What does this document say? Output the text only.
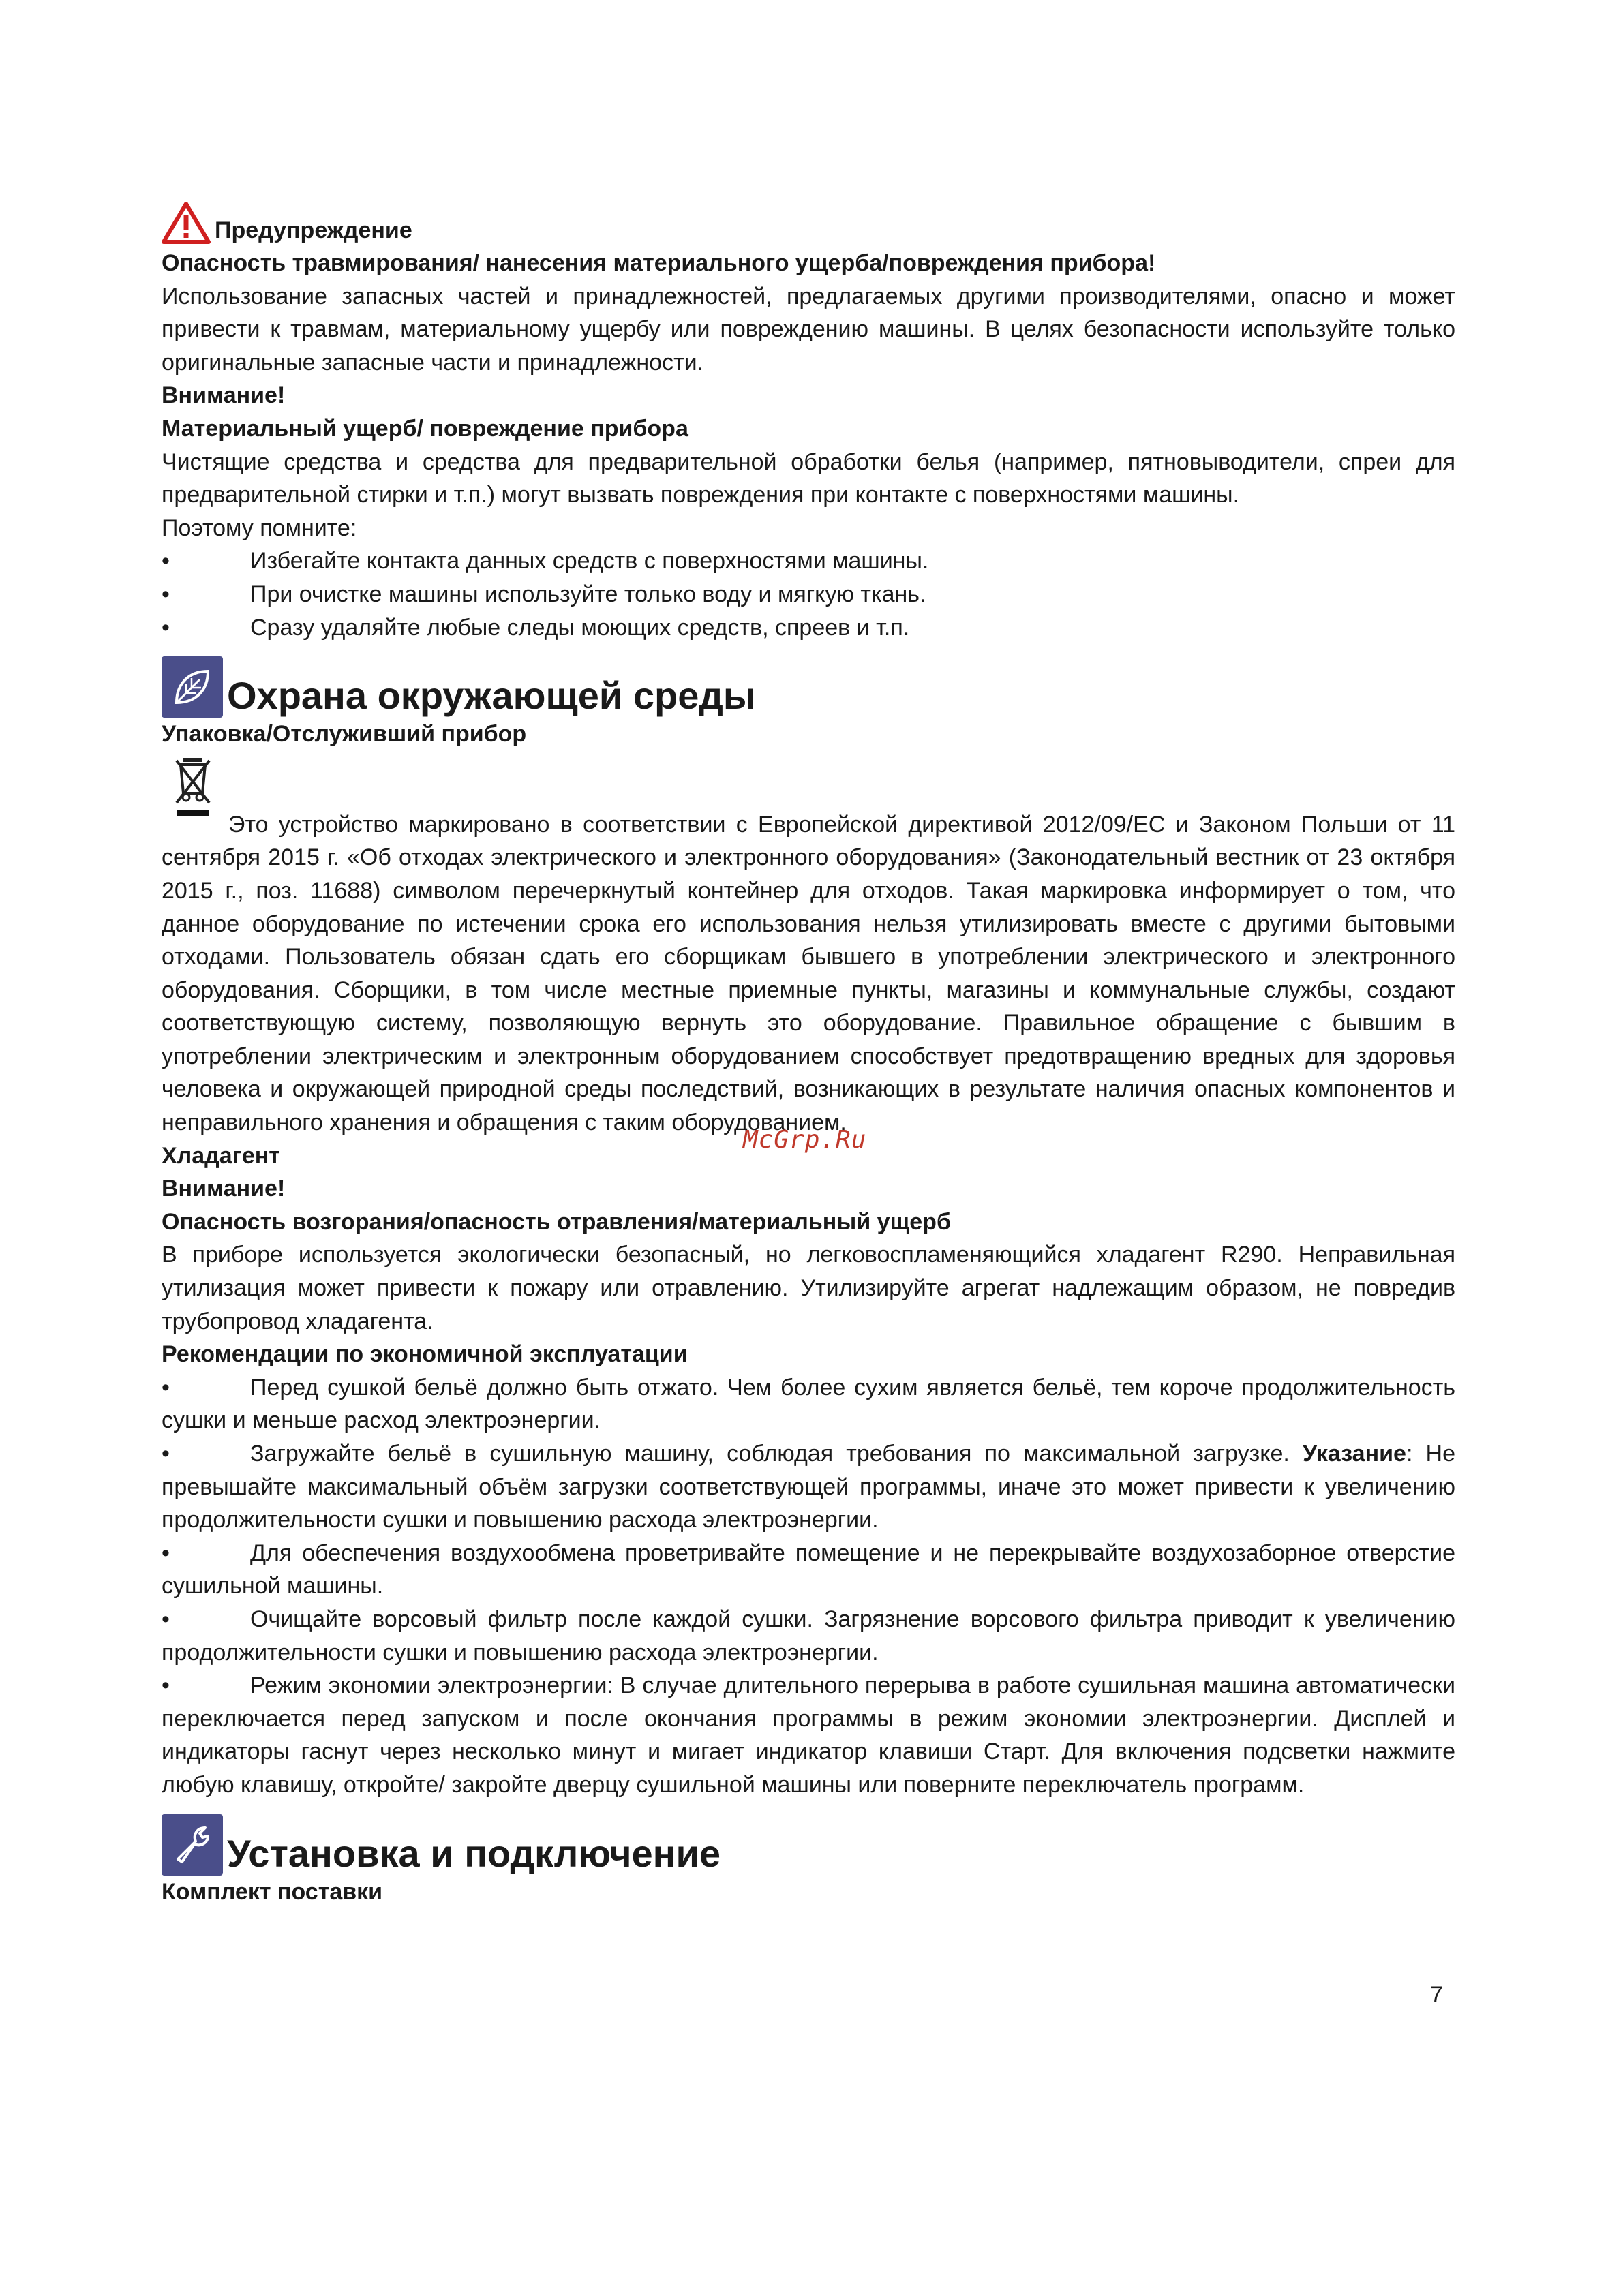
Предупреждение

Опасность травмирования/ нанесения материального ущерба/повреждения прибора!

Использование запасных частей и принадлежностей, предлагаемых другими производителями, опасно и может привести к травмам, материальному ущербу или повреждению машины. В целях безопасности используйте только оригинальные запасные части и принадлежности.

Внимание!

Материальный ущерб/ повреждение прибора

Чистящие средства и средства для предварительной обработки белья (например, пятновыводители, спреи для предварительной стирки и т.п.) могут вызвать повреждения при контакте с поверхностями машины.

Поэтому помните:

•	Избегайте контакта данных средств с поверхностями машины.
•	При очистке машины используйте только воду и мягкую ткань.
•	Сразу удаляйте любые следы моющих средств, спреев и т.п.
Охрана окружающей среды

Упаковка/Отслуживший прибор

Это устройство маркировано в соответствии с Европейской директивой 2012/09/EC и Законом Польши от 11 сентября 2015 г. «Об отходах электрического и электронного оборудования» (Законодательный вестник от 23 октября 2015 г., поз. 11688) символом перечеркнутый контейнер для отходов. Такая маркировка информирует о том, что данное оборудование по истечении срока его использования нельзя утилизировать вместе с другими бытовыми отходами. Пользователь обязан сдать его сборщикам бывшего в употреблении электрического и электронного оборудования. Сборщики, в том числе местные приемные пункты, магазины и коммунальные службы, создают соответствующую систему, позволяющую вернуть это оборудование. Правильное обращение с бывшим в употреблении электрическим и электронным оборудованием способствует предотвращению вредных для здоровья человека и окружающей природной среды последствий, возникающих в результате наличия опасных компонентов и неправильного хранения и обращения с таким оборудованием.

Хладагент

Внимание!

Опасность возгорания/опасность отравления/материальный ущерб

В приборе используется экологически безопасный, но легковоспламеняющийся хладагент R290. Неправильная утилизация может привести к пожару или отравлению. Утилизируйте агрегат надлежащим образом, не повредив трубопровод хладагента.

Рекомендации по экономичной эксплуатации

•	Перед сушкой бельё должно быть отжато. Чем более сухим является бельё, тем короче продолжительность сушки и меньше расход электроэнергии.

•	Загружайте бельё в сушильную машину, соблюдая требования по максимальной загрузке. Указание: Не превышайте максимальный объём загрузки соответствующей программы, иначе это может привести к увеличению продолжительности сушки и повышению расхода электроэнергии.

•	Для обеспечения воздухообмена проветривайте помещение и не перекрывайте воздухозаборное отверстие сушильной машины.

•	Очищайте ворсовый фильтр после каждой сушки. Загрязнение ворсового фильтра приводит к увеличению продолжительности сушки и повышению расхода электроэнергии.

•	Режим экономии электроэнергии: В случае длительного перерыва в работе сушильная машина автоматически переключается перед запуском и после окончания программы в режим экономии электроэнергии. Дисплей и индикаторы гаснут через несколько минут и мигает индикатор клавиши Старт. Для включения подсветки нажмите любую клавишу, откройте/ закройте дверцу сушильной машины или поверните переключатель программ.

Установка и подключение

Комплект поставки

McGrp.Ru
7
